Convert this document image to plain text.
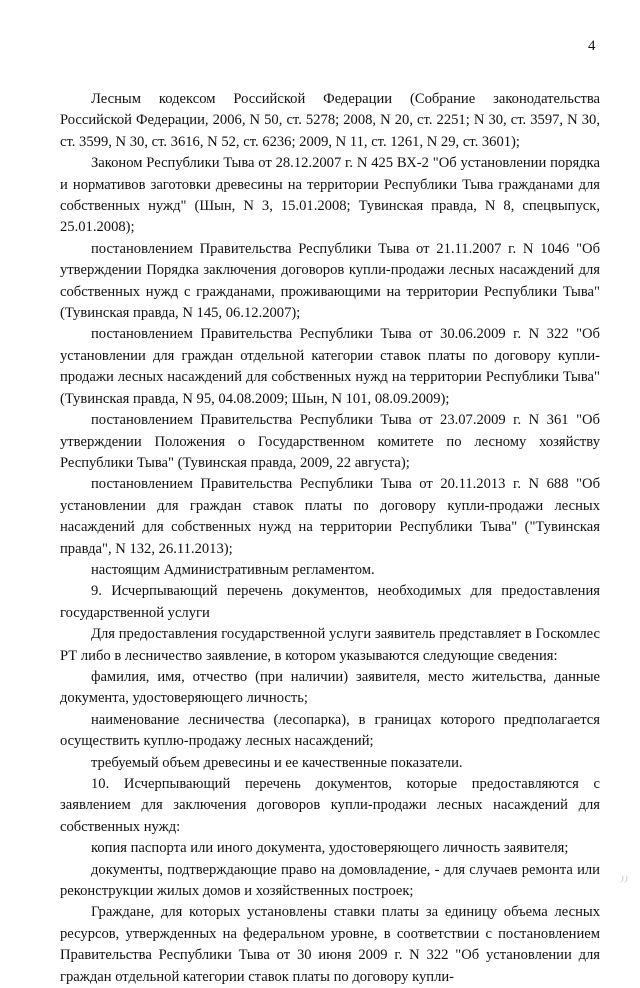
4

Лесным кодексом Российской Федерации (Собрание законодательства Российской Федерации, 2006, N 50, ст. 5278; 2008, N 20, ст. 2251; N 30, ст. 3597, N 30, ст. 3599, N 30, ст. 3616, N 52, ст. 6236; 2009, N 11, ст. 1261, N 29, ст. 3601);

Законом Республики Тыва от 28.12.2007 г. N 425 ВХ-2 "Об установлении порядка и нормативов заготовки древесины на территории Республики Тыва гражданами для собственных нужд" (Шын, N 3, 15.01.2008; Тувинская правда, N 8, спецвыпуск, 25.01.2008);

постановлением Правительства Республики Тыва от 21.11.2007 г. N 1046 "Об утверждении Порядка заключения договоров купли-продажи лесных насаждений для собственных нужд с гражданами, проживающими на территории Республики Тыва" (Тувинская правда, N 145, 06.12.2007);

постановлением Правительства Республики Тыва от 30.06.2009 г. N 322 "Об установлении для граждан отдельной категории ставок платы по договору купли-продажи лесных насаждений для собственных нужд на территории Республики Тыва" (Тувинская правда, N 95, 04.08.2009; Шын, N 101, 08.09.2009);

постановлением Правительства Республики Тыва от 23.07.2009 г. N 361 "Об утверждении Положения о Государственном комитете по лесному хозяйству Республики Тыва" (Тувинская правда, 2009, 22 августа);

постановлением Правительства Республики Тыва от 20.11.2013 г. N 688 "Об установлении для граждан ставок платы по договору купли-продажи лесных насаждений для собственных нужд на территории Республики Тыва" ("Тувинская правда", N 132, 26.11.2013);

настоящим Административным регламентом.

9. Исчерпывающий перечень документов, необходимых для предоставления государственной услуги

Для предоставления государственной услуги заявитель представляет в Госкомлес РТ либо в лесничество заявление, в котором указываются следующие сведения:

фамилия, имя, отчество (при наличии) заявителя, место жительства, данные документа, удостоверяющего личность;

наименование лесничества (лесопарка), в границах которого предполагается осуществить куплю-продажу лесных насаждений;

требуемый объем древесины и ее качественные показатели.

10. Исчерпывающий перечень документов, которые предоставляются с заявлением для заключения договоров купли-продажи лесных насаждений для собственных нужд:

копия паспорта или иного документа, удостоверяющего личность заявителя;

документы, подтверждающие право на домовладение, - для случаев ремонта или реконструкции жилых домов и хозяйственных построек;

Граждане, для которых установлены ставки платы за единицу объема лесных ресурсов, утвержденных на федеральном уровне, в соответствии с постановлением Правительства Республики Тыва от 30 июня 2009 г. N 322 "Об установлении для граждан отдельной категории ставок платы по договору купли-

⁾⁾
